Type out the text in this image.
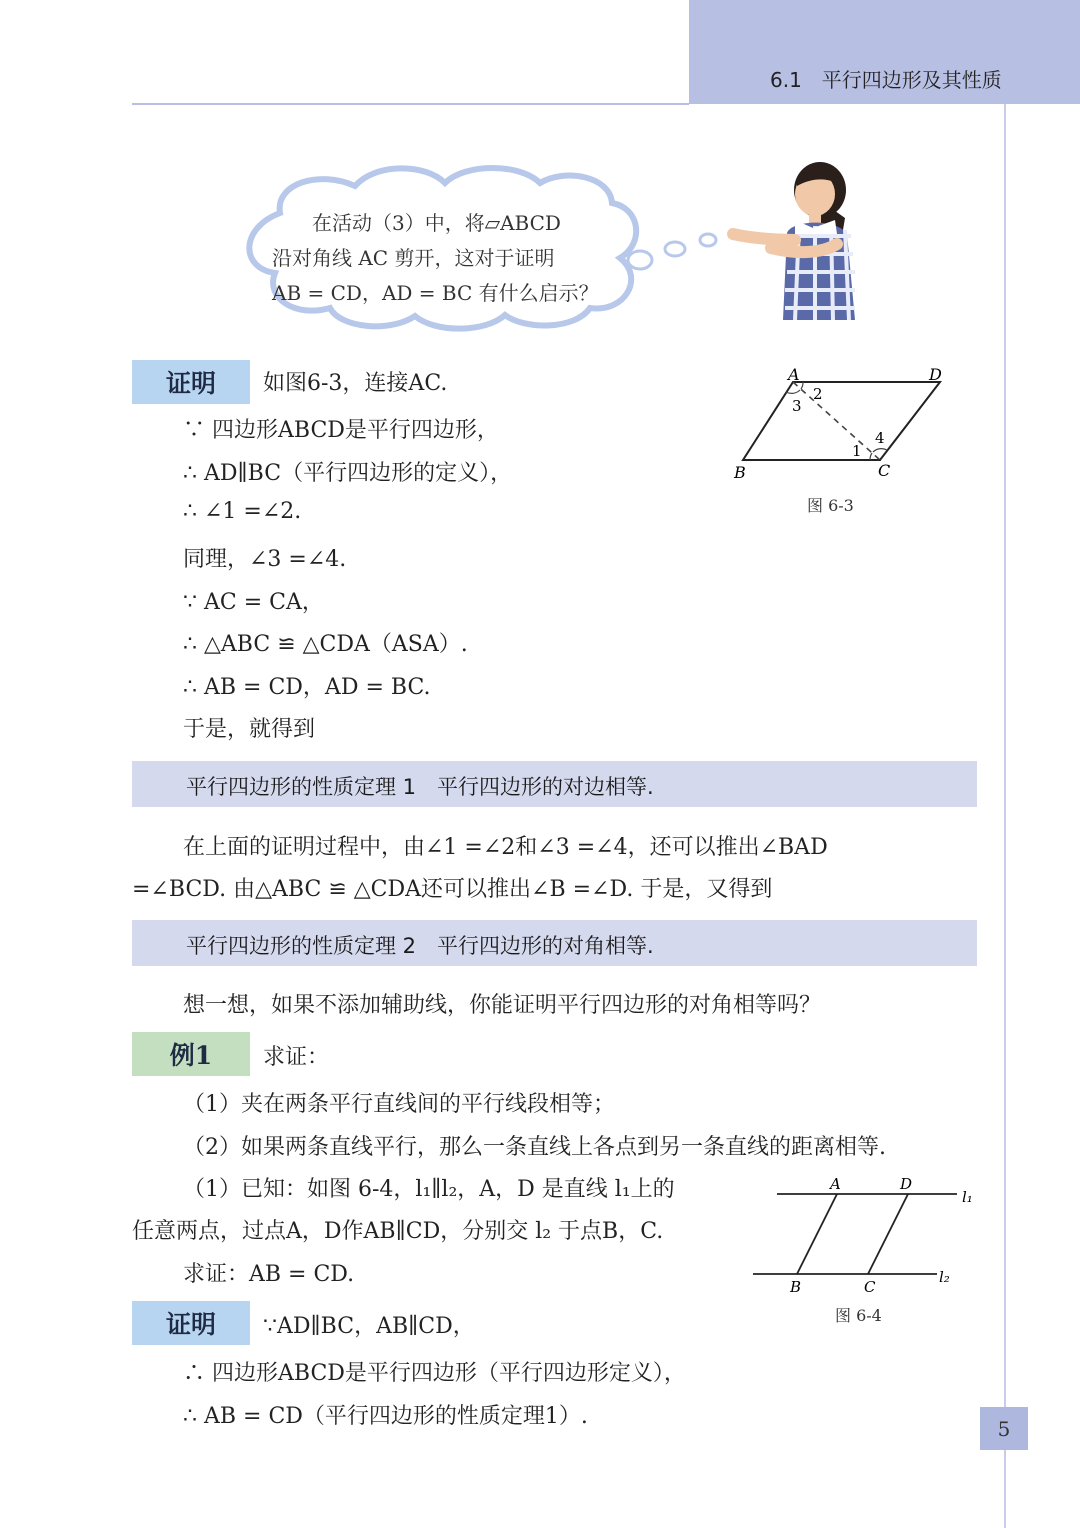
6.1　平行四边形及其性质
　　在活动（3）中，将▱ABCD
沿对角线 AC 剪开，这对于证明
AB = CD，AD = BC 有什么启示？
证明	如图6-3，连接AC.
∵ 四边形ABCD是平行四边形，
∴ AD∥BC（平行四边形的定义），
∴ ∠1 =∠2.
同理，∠3 =∠4.
∵ AC = CA，
∴ △ABC ≌ △CDA（ASA）.
∴ AB = CD，AD = BC.
于是，就得到
A	D
B	C
2
3
4
1
图 6-3
平行四边形的性质定理 1　平行四边形的对边相等.
在上面的证明过程中，由∠1 =∠2和∠3 =∠4，还可以推出∠BAD
=∠BCD. 由△ABC ≌ △CDA还可以推出∠B =∠D. 于是，又得到
平行四边形的性质定理 2　平行四边形的对角相等.
想一想，如果不添加辅助线，你能证明平行四边形的对角相等吗？
例1	求证：
（1）夹在两条平行直线间的平行线段相等；
（2）如果两条直线平行，那么一条直线上各点到另一条直线的距离相等.
（1）已知：如图 6-4，l₁∥l₂，A，D 是直线 l₁上的
任意两点，过点A，D作AB∥CD，分别交 l₂ 于点B，C.
求证：AB = CD.
A	D
B	C
l₁
l₂
图 6-4
证明	∵AD∥BC，AB∥CD，
∴ 四边形ABCD是平行四边形（平行四边形定义），
∴ AB = CD（平行四边形的性质定理1）.	5
